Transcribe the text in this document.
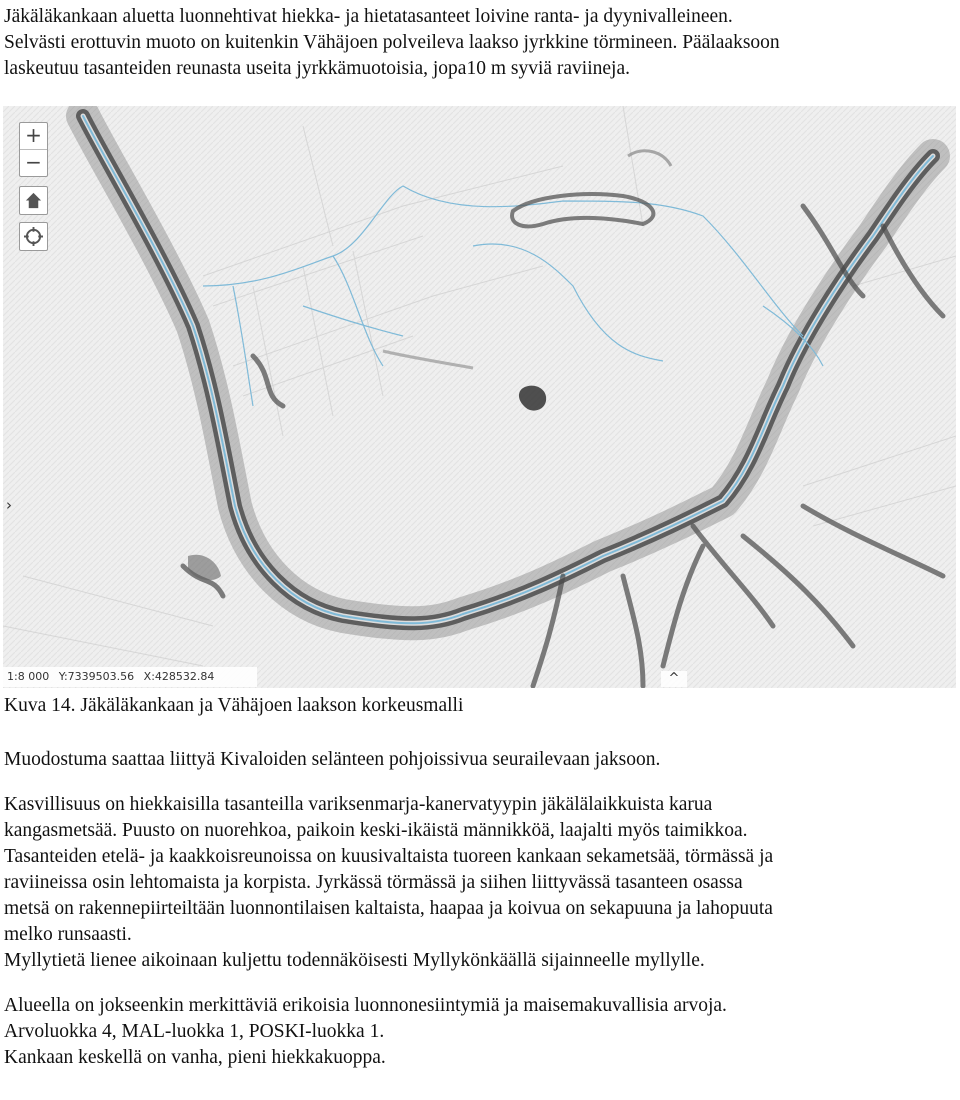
Jäkäläkankaan aluetta luonnehtivat hiekka- ja hietatasanteet loivine ranta- ja dyynivalleineen.

Selvästi erottuvin muoto on kuitenkin Vähäjoen polveileva laakso jyrkkine törmineen. Päälaaksoon

laskeutuu tasanteiden reunasta useita jyrkkämuotoisia, jopa10 m syviä raviineja.

›
+
−
1:8 000 Y:7339503.56 X:428532.84	^

Kuva 14. Jäkäläkankaan ja Vähäjoen laakson korkeusmalli

Muodostuma saattaa liittyä Kivaloiden selänteen pohjoissivua seurailevaan jaksoon.

Kasvillisuus on hiekkaisilla tasanteilla variksenmarja-kanervatyypin jäkälälaikkuista karua

kangasmetsää. Puusto on nuorehkoa, paikoin keski-ikäistä männikköä, laajalti myös taimikkoa.

Tasanteiden etelä- ja kaakkoisreunoissa on kuusivaltaista tuoreen kankaan sekametsää, törmässä ja

raviineissa osin lehtomaista ja korpista. Jyrkässä törmässä ja siihen liittyvässä tasanteen osassa

metsä on rakennepiirteiltään luonnontilaisen kaltaista, haapaa ja koivua on sekapuuna ja lahopuuta

melko runsaasti.

Myllytietä lienee aikoinaan kuljettu todennäköisesti Myllykönkäällä sijainneelle myllylle.

Alueella on jokseenkin merkittäviä erikoisia luonnonesiintymiä ja maisemakuvallisia arvoja.

Arvoluokka 4, MAL-luokka 1, POSKI-luokka 1.

Kankaan keskellä on vanha, pieni hiekkakuoppa.
